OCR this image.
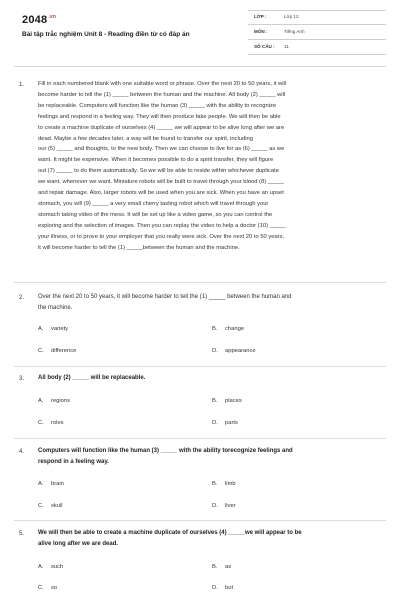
$2048^{.vn}$
Bài tập trắc nghiệm Unit 8 - Reading điền từ có đáp án
LỚP :	Lớp 12
MÔN :	Tiếng Anh
SỐ CÂU : 11
1. Fill in each numbered blank with one suitable word or phrase. Over the next 20 to 50 years, it will
become harder to tell the (1) _____ between the human and the machine. All body (2) _____ will
be replaceable. Computers will function like the human (3) _____ with the ability to recognize
feelings and respond in a feeling way. They will then produce fake people. We will then be able
to create a machine duplicate of ourselves (4) _____ we will appear to be alive long after we are
dead. Maybe a few decades later, a way will be found to transfer our spirit, including
our (5) _____ and thoughts, to the new body. Then we can choose to live for as (6) _____ as we
want. It might be expensive. When it becomes possible to do a spirit transfer, they will figure
out (7) _____ to do them automatically. So we will be able to reside within whichever duplicate
we want, whenever we want. Miniature robots will be built to travel through your blood (8) _____
and repair damage. Also, larger robots will be used when you are sick. When you have an upset
stomach, you will (9) _____ a very small cherry tasting robot which will travel through your
stomach taking video of the mess. It will be set up like a video game, so you can control the
exploring and the selection of images. Then you can replay the video to help a doctor (10) _____
your illness, or to prove to your employer that you really were sick. Over the next 20 to 50 years,
it will become harder to tell the (1) _____between the human and the machine.
2. Over the next 20 to 50 years, it will become harder to tell the (1) _____ between the human and
the machine.
A. variety	B. change
C. difference	D. appearance
3. All body (2) _____ will be replaceable.
A. regions	B. places
C. roles	D. parts
4. Computers will function like the human (3) _____ with the ability torecognize feelings and
respond in a feeling way.
A. brain	B. limb
C. skull	D. liver
5. We will then be able to create a machine duplicate of ourselves (4) _____we will appear to be
alive long after we are dead.
A. such	B. as
C. so	D. but
